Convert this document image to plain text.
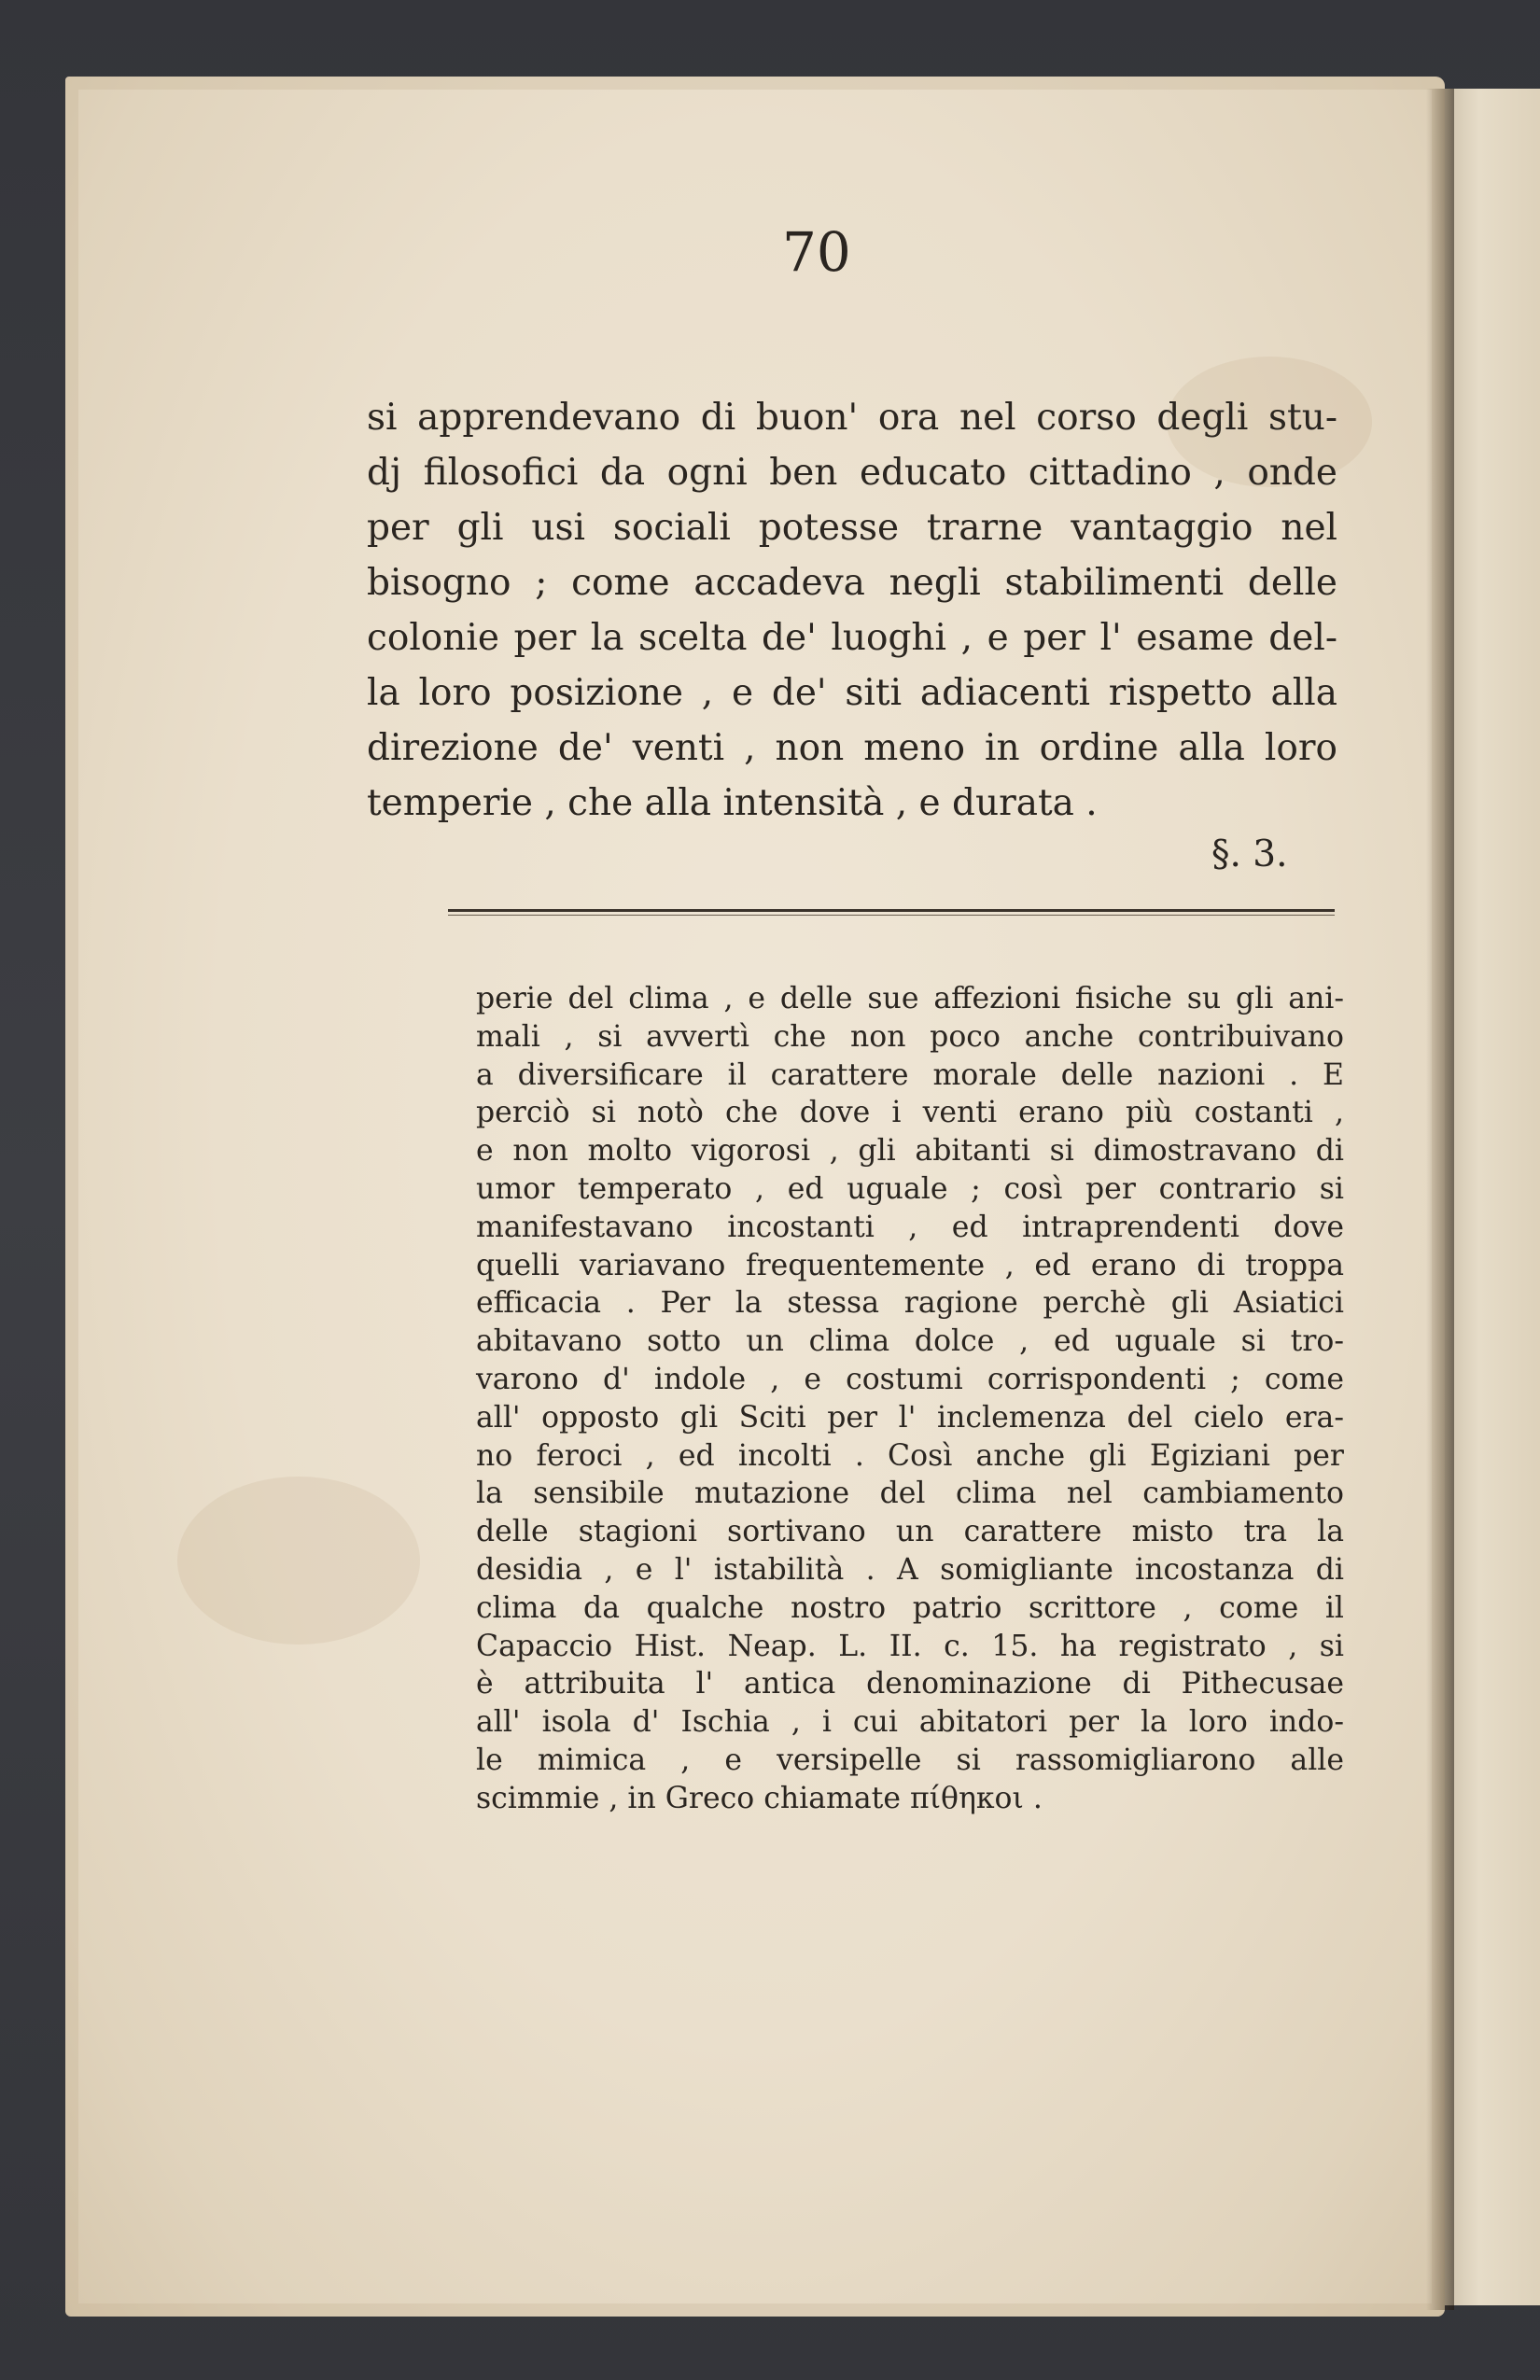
70
si apprendevano di buon' ora nel corso degli stu-
dj filosofici da ogni ben educato cittadino , onde
per gli usi sociali potesse trarne vantaggio nel
bisogno ; come accadeva negli stabilimenti delle
colonie per la scelta de' luoghi , e per l' esame del-
la loro posizione , e de' siti adiacenti rispetto alla
direzione de' venti , non meno in ordine alla loro
temperie , che alla intensità , e durata .
§. 3.
perie del clima , e delle sue affezioni fisiche su gli ani-
mali , si avvertì che non poco anche contribuivano
a diversificare il carattere morale delle nazioni . E
perciò si notò che dove i venti erano più costanti ,
e non molto vigorosi , gli abitanti si dimostravano di
umor temperato , ed uguale ; così per contrario si
manifestavano incostanti , ed intraprendenti dove
quelli variavano frequentemente , ed erano di troppa
efficacia . Per la stessa ragione perchè gli Asiatici
abitavano sotto un clima dolce , ed uguale si tro-
varono d' indole , e costumi corrispondenti ; come
all' opposto gli Sciti per l' inclemenza del cielo era-
no feroci , ed incolti . Così anche gli Egiziani per
la sensibile mutazione del clima nel cambiamento
delle stagioni sortivano un carattere misto tra la
desidia , e l' istabilità . A somigliante incostanza di
clima da qualche nostro patrio scrittore , come il
Capaccio Hist. Neap. L. II. c. 15. ha registrato , si
è attribuita l' antica denominazione di Pithecusae
all' isola d' Ischia , i cui abitatori per la loro indo-
le mimica , e versipelle si rassomigliarono alle
scimmie , in Greco chiamate πίθηκοι .
